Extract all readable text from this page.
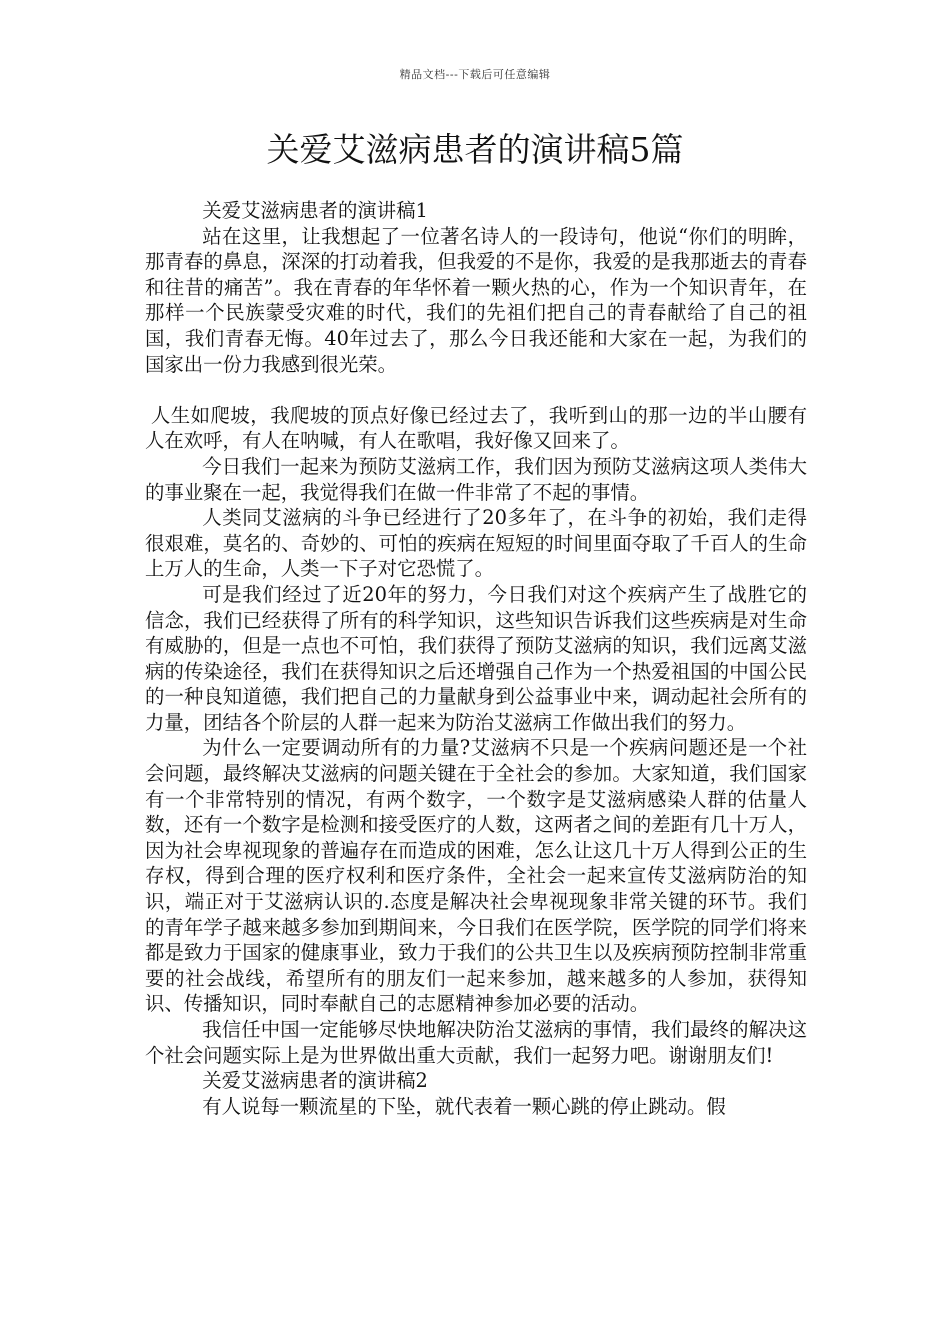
精品文档---下载后可任意编辑
关爱艾滋病患者的演讲稿5篇

关爱艾滋病患者的演讲稿1

站在这里，让我想起了一位著名诗人的一段诗句，他说“你们的明眸，那青春的鼻息，深深的打动着我，但我爱的不是你，我爱的是我那逝去的青春和往昔的痛苦”。我在青春的年华怀着一颗火热的心，作为一个知识青年，在那样一个民族蒙受灾难的时代，我们的先祖们把自己的青春献给了自己的祖国，我们青春无悔。40年过去了，那么今日我还能和大家在一起，为我们的国家出一份力我感到很光荣。

人生如爬坡，我爬坡的顶点好像已经过去了，我听到山的那一边的半山腰有人在欢呼，有人在呐喊，有人在歌唱，我好像又回来了。

今日我们一起来为预防艾滋病工作，我们因为预防艾滋病这项人类伟大的事业聚在一起，我觉得我们在做一件非常了不起的事情。

人类同艾滋病的斗争已经进行了20多年了，在斗争的初始，我们走得很艰难，莫名的、奇妙的、可怕的疾病在短短的时间里面夺取了千百人的生命上万人的生命，人类一下子对它恐慌了。

可是我们经过了近20年的努力，今日我们对这个疾病产生了战胜它的信念，我们已经获得了所有的科学知识，这些知识告诉我们这些疾病是对生命有威胁的，但是一点也不可怕，我们获得了预防艾滋病的知识，我们远离艾滋病的传染途径，我们在获得知识之后还增强自己作为一个热爱祖国的中国公民的一种良知道德，我们把自己的力量献身到公益事业中来，调动起社会所有的力量，团结各个阶层的人群一起来为防治艾滋病工作做出我们的努力。

为什么一定要调动所有的力量?艾滋病不只是一个疾病问题还是一个社会问题，最终解决艾滋病的问题关键在于全社会的参加。大家知道，我们国家有一个非常特别的情况，有两个数字，一个数字是艾滋病感染人群的估量人数，还有一个数字是检测和接受医疗的人数，这两者之间的差距有几十万人，因为社会卑视现象的普遍存在而造成的困难，怎么让这几十万人得到公正的生存权，得到合理的医疗权利和医疗条件，全社会一起来宣传艾滋病防治的知识，端正对于艾滋病认识的.态度是解决社会卑视现象非常关键的环节。我们的青年学子越来越多参加到期间来，今日我们在医学院，医学院的同学们将来都是致力于国家的健康事业，致力于我们的公共卫生以及疾病预防控制非常重要的社会战线，希望所有的朋友们一起来参加，越来越多的人参加，获得知识、传播知识，同时奉献自己的志愿精神参加必要的活动。

我信任中国一定能够尽快地解决防治艾滋病的事情，我们最终的解决这个社会问题实际上是为世界做出重大贡献，我们一起努力吧。谢谢朋友们!

关爱艾滋病患者的演讲稿2

有人说每一颗流星的下坠，就代表着一颗心跳的停止跳动。假
